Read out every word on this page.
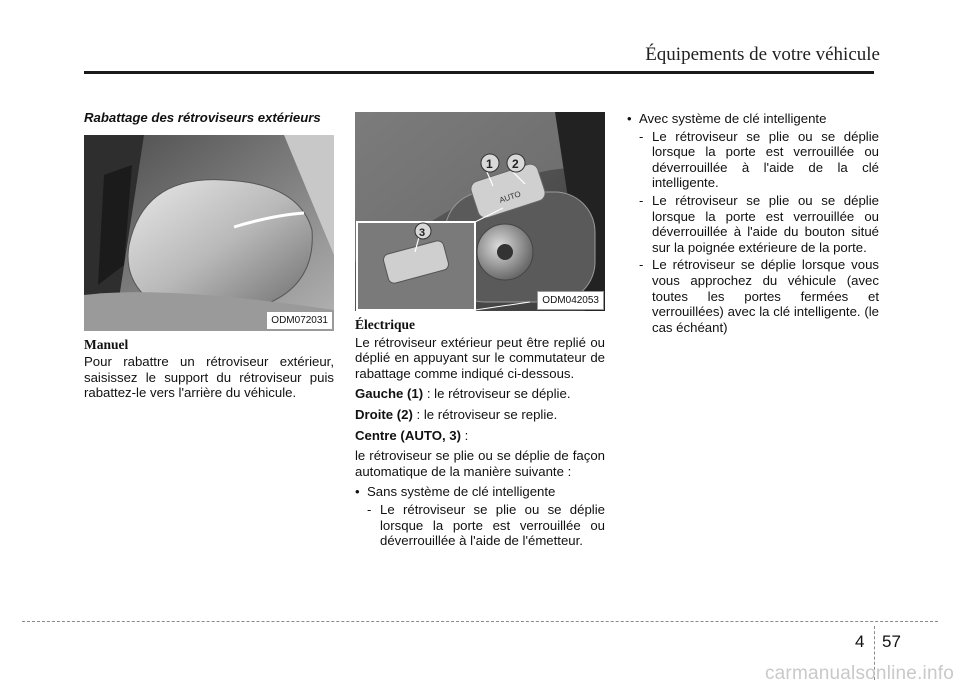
Équipements de votre véhicule
Rabattage des rétroviseurs extérieurs
ODM072031
Manuel

Pour rabattre un rétroviseur extérieur, saisissez le support du rétroviseur puis rabattez-le vers l'arrière du véhicule.

AUTO
1 2
3
ODM042053
Électrique

Le rétroviseur extérieur peut être replié ou déplié en appuyant sur le commutateur de rabattage comme indiqué ci-dessous.

Gauche (1) : le rétroviseur se déplie.

Droite (2) : le rétroviseur se replie.

Centre (AUTO, 3) :

le rétroviseur se plie ou se déplie de façon automatique de la manière suivante :

• Sans système de clé intelligente
- Le rétroviseur se plie ou se déplie lorsque la porte est verrouillée ou déverrouillée à l'aide de l'émetteur.
• Avec système de clé intelligente
- Le rétroviseur se plie ou se déplie lorsque la porte est verrouillée ou déverrouillée à l'aide de la clé intelligente.
- Le rétroviseur se plie ou se déplie lorsque la porte est verrouillée ou déverrouillée à l'aide du bouton situé sur la poignée extérieure de la porte.
- Le rétroviseur se déplie lorsque vous vous approchez du véhicule (avec toutes les portes fermées et verrouillées) avec la clé intelligente. (le cas échéant)
4 57
carmanualsonline.info
